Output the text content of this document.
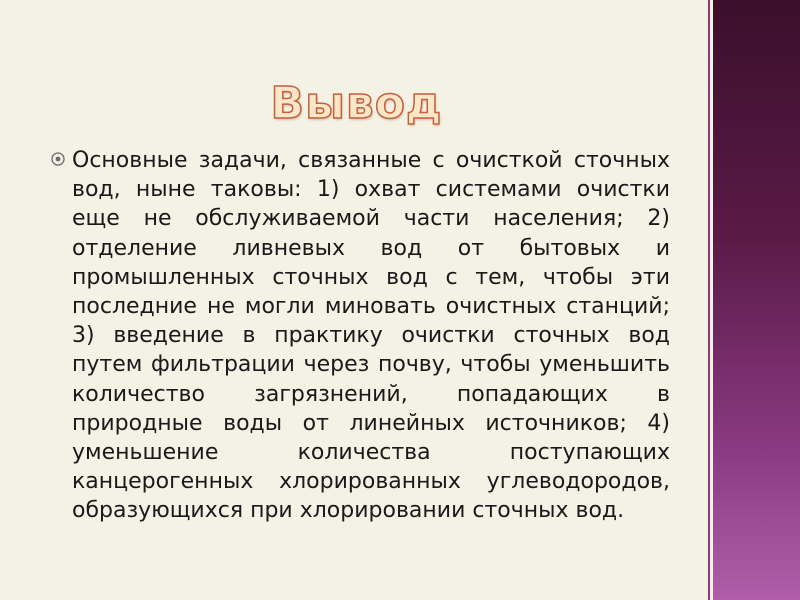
Вывод
Основные задачи, связанные с очисткой сточных вод, ныне таковы: 1) охват системами очистки еще не обслуживаемой части населения; 2) отделение ливневых вод от бытовых и промышленных сточных вод с тем, чтобы эти последние не могли миновать очистных станций; 3) введение в практику очистки сточных вод путем фильтрации через почву, чтобы уменьшить количество загрязнений, попадающих в природные воды от линейных источников; 4) уменьшение количества поступающих канцерогенных хлорированных углеводородов, образующихся при хлорировании сточных вод.
